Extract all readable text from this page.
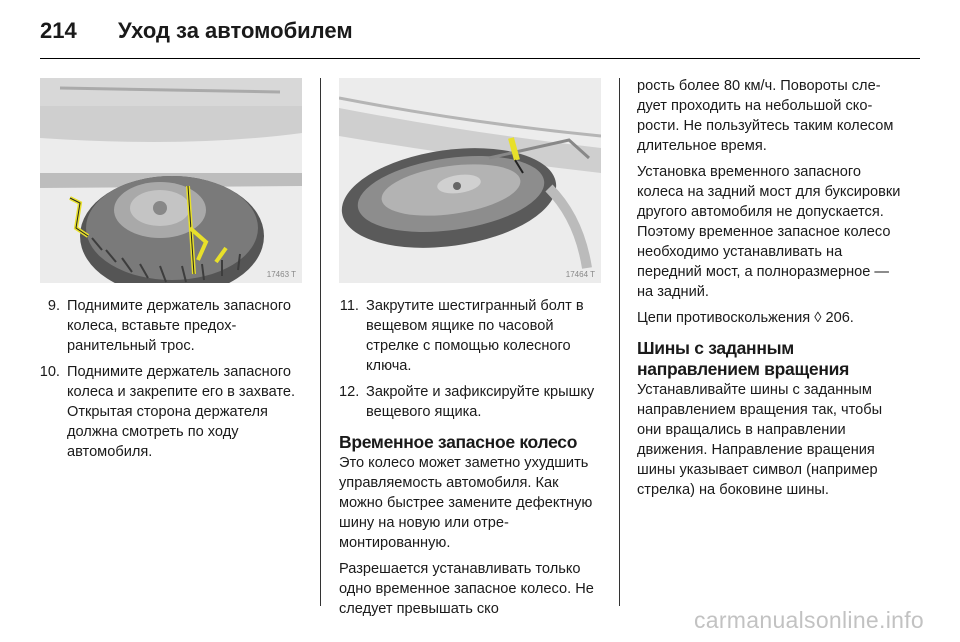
214	Уход за автомобилем
17463 T	17464 T
9. Поднимите держатель запасного колеса, вставьте предохранительный трос.
10. Поднимите держатель запасного колеса и закрепите его в захвате. Открытая сторона держателя должна смотреть по ходу автомобиля.
11. Закрутите шестигранный болт в вещевом ящике по часовой стрелке с помощью колесного ключа.
12. Закройте и зафиксируйте крышку вещевого ящика.
Временное запасное колесо

Это колесо может заметно ухудшить управляемость автомобиля. Как можно быстрее замените дефектную шину на новую или отремонтированную.

Разрешается устанавливать только одно временное запасное колесо. Не следует превышать ско

рость более 80 км/ч. Повороты следует проходить на небольшой скорости. Не пользуйтесь таким колесом длительное время.

Установка временного запасного колеса на задний мост для буксировки другого автомобиля не допускается. Поэтому временное запасное колесо необходимо устанавливать на передний мост, а полноразмерное — на задний.

Цепи противоскольжения ◊ 206.

Шины с заданным направлением вращения

Устанавливайте шины с заданным направлением вращения так, чтобы они вращались в направлении движения. Направление вращения шины указывает символ (например стрелка) на боковине шины.

carmanualsonline.info
